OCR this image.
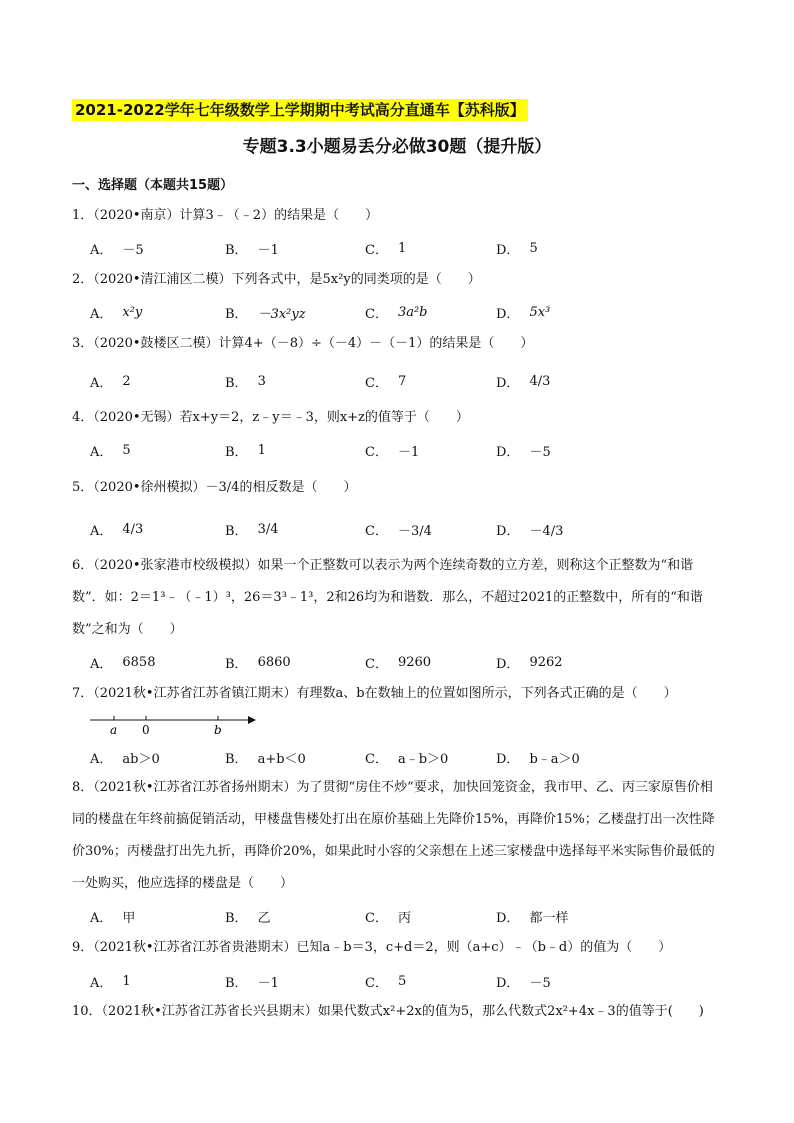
2021-2022学年七年级数学上学期期中考试高分直通车【苏科版】
专题3.3小题易丢分必做30题（提升版）
一、选择题（本题共15题）
1．（2020•南京）计算3﹣（﹣2）的结果是（　　）
A． －5	B． －1	C． 1	D． 5
2．（2020•清江浦区二模）下列各式中，是5x²y的同类项的是（　　）
A． x²y	B． －3x²yz	C． 3a²b	D． 5x³
3．（2020•鼓楼区二模）计算4+（－8）÷（－4）－（－1）的结果是（　　）
A． 2	B． 3	C． 7	D． 4/3
4．（2020•无锡）若x+y＝2，z﹣y＝﹣3，则x+z的值等于（　　）
A． 5	B． 1	C． －1	D． －5
5．（2020•徐州模拟）－3/4的相反数是（　　）
A． 4/3	B． 3/4	C． －3/4	D． －4/3
6．（2020•张家港市校级模拟）如果一个正整数可以表示为两个连续奇数的立方差，则称这个正整数为“和谐数”．如：2＝1³﹣（﹣1）³，26＝3³﹣1³，2和26均为和谐数．那么，不超过2021的正整数中，所有的“和谐数”之和为（　　）
A． 6858	B． 6860	C． 9260	D． 9262
7．（2021秋•江苏省江苏省镇江期末）有理数a、b在数轴上的位置如图所示，下列各式正确的是（　　）
a 0	b
A． ab＞0	B． a+b＜0	C． a﹣b＞0	D． b﹣a＞0
8．（2021秋•江苏省江苏省扬州期末）为了贯彻“房住不炒”要求，加快回笼资金，我市甲、乙、丙三家原售价相同的楼盘在年终前搞促销活动，甲楼盘售楼处打出在原价基础上先降价15%，再降价15%；乙楼盘打出一次性降价30%；丙楼盘打出先九折，再降价20%，如果此时小容的父亲想在上述三家楼盘中选择每平米实际售价最低的一处购买，他应选择的楼盘是（　　）
A． 甲	B． 乙	C． 丙	D． 都一样
9．（2021秋•江苏省江苏省贵港期末）已知a﹣b＝3，c+d＝2，则（a+c）﹣（b﹣d）的值为（　　）
A． 1	B． －1	C． 5	D． －5
10．（2021秋•江苏省江苏省长兴县期末）如果代数式x²+2x的值为5，那么代数式2x²+4x﹣3的值等于(　　)
